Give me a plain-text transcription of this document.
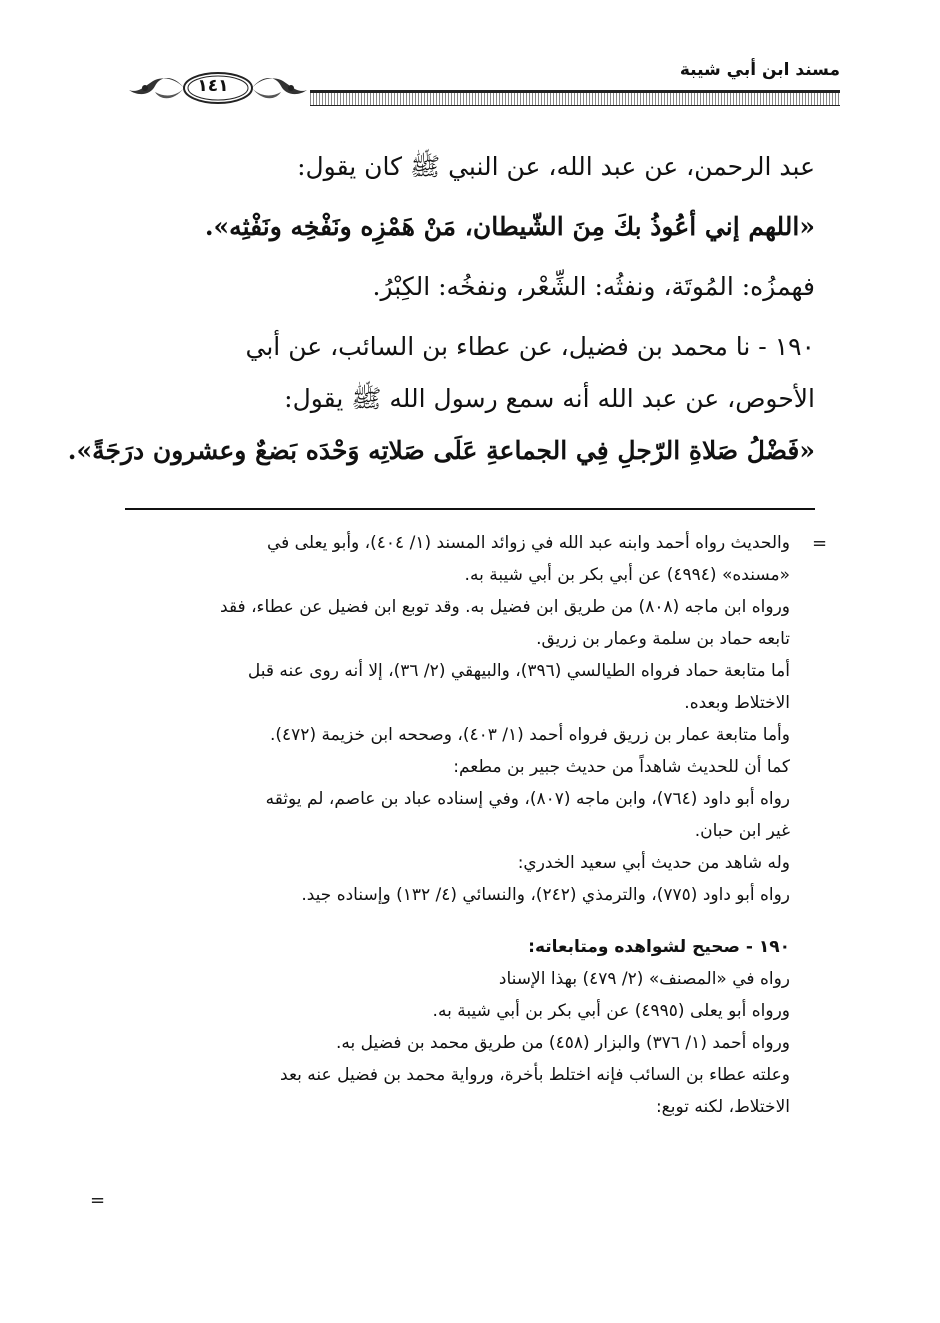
مسند ابن أبي شيبة
١٤١

عبد الرحمن، عن عبد الله، عن النبي ﷺ كان يقول:

«اللهم إني أعُوذُ بكَ مِنَ الشّيطان، مَنْ هَمْزِه ونَفْخِه ونَفْثِه».

فهمزُه: المُوتَة، ونفثُه: الشِّعْر، ونفخُه: الكِبْرُ.

١٩٠ - نا محمد بن فضيل، عن عطاء بن السائب، عن أبي

الأحوص، عن عبد الله أنه سمع رسول الله ﷺ يقول:

«فَضْلُ صَلاةِ الرّجلِ فِي الجماعةِ عَلَى صَلاتِه وَحْدَه بَضعٌ وعشرون درَجَةً».

=

والحديث رواه أحمد وابنه عبد الله في زوائد المسند (١/ ٤٠٤)، وأبو يعلى في

«مسنده» (٤٩٩٤) عن أبي بكر بن أبي شيبة به.

ورواه ابن ماجه (٨٠٨) من طريق ابن فضيل به. وقد توبع ابن فضيل عن عطاء، فقد

تابعه حماد بن سلمة وعمار بن زريق.

أما متابعة حماد فرواه الطيالسي (٣٩٦)، والبيهقي (٢/ ٣٦)، إلا أنه روى عنه قبل

الاختلاط وبعده.

وأما متابعة عمار بن زريق فرواه أحمد (١/ ٤٠٣)، وصححه ابن خزيمة (٤٧٢).

كما أن للحديث شاهداً من حديث جبير بن مطعم:

رواه أبو داود (٧٦٤)، وابن ماجه (٨٠٧)، وفي إسناده عباد بن عاصم، لم يوثقه

غير ابن حبان.

وله شاهد من حديث أبي سعيد الخدري:

رواه أبو داود (٧٧٥)، والترمذي (٢٤٢)، والنسائي (٤/ ١٣٢) وإسناده جيد.

١٩٠ - صحيح لشواهده ومتابعاته:

رواه في «المصنف» (٢/ ٤٧٩) بهذا الإسناد

ورواه أبو يعلى (٤٩٩٥) عن أبي بكر بن أبي شيبة به.

ورواه أحمد (١/ ٣٧٦) والبزار (٤٥٨) من طريق محمد بن فضيل به.

وعلته عطاء بن السائب فإنه اختلط بأخرة، ورواية محمد بن فضيل عنه بعد

الاختلاط، لكنه توبع:

=
